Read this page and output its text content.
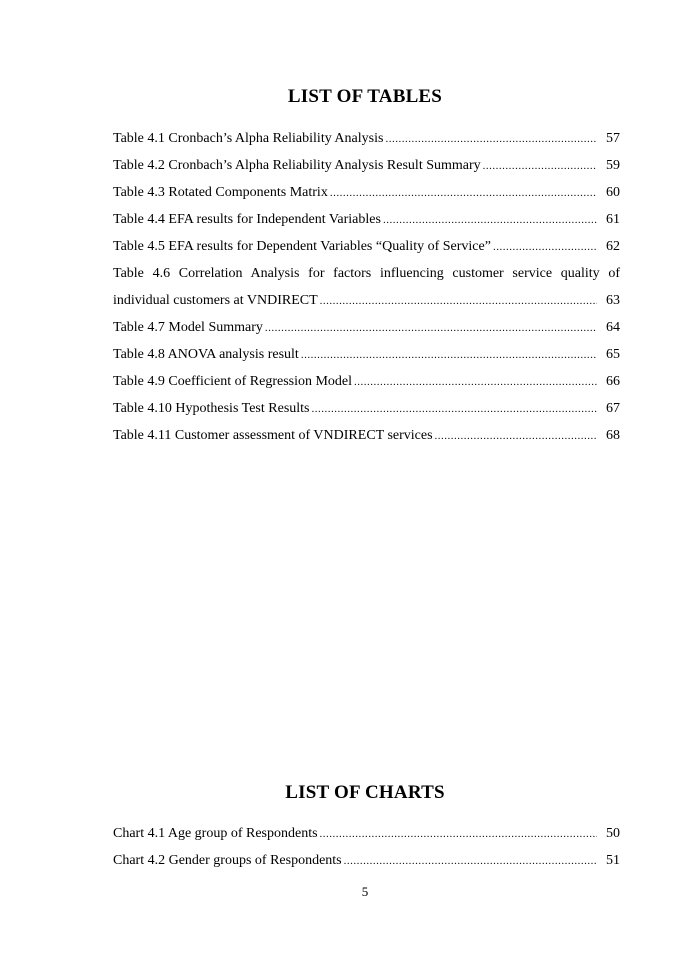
LIST OF TABLES
Table 4.1 Cronbach’s Alpha Reliability Analysis .....	57
Table 4.2 Cronbach’s Alpha Reliability Analysis Result Summary .....	59
Table 4.3 Rotated Components Matrix .....	60
Table 4.4 EFA results for Independent Variables .....	61
Table 4.5 EFA results for Dependent Variables “Quality of Service” .....	62
Table 4.6 Correlation Analysis for factors influencing customer service quality of
individual customers at VNDIRECT .....	63
Table 4.7 Model Summary .....	64
Table 4.8 ANOVA analysis result .....	65
Table 4.9 Coefficient of Regression Model .....	66
Table 4.10 Hypothesis Test Results .....	67
Table 4.11 Customer assessment of VNDIRECT services .....	68
LIST OF CHARTS
Chart 4.1 Age group of Respondents .....	50
Chart 4.2 Gender groups of Respondents .....	51
5
